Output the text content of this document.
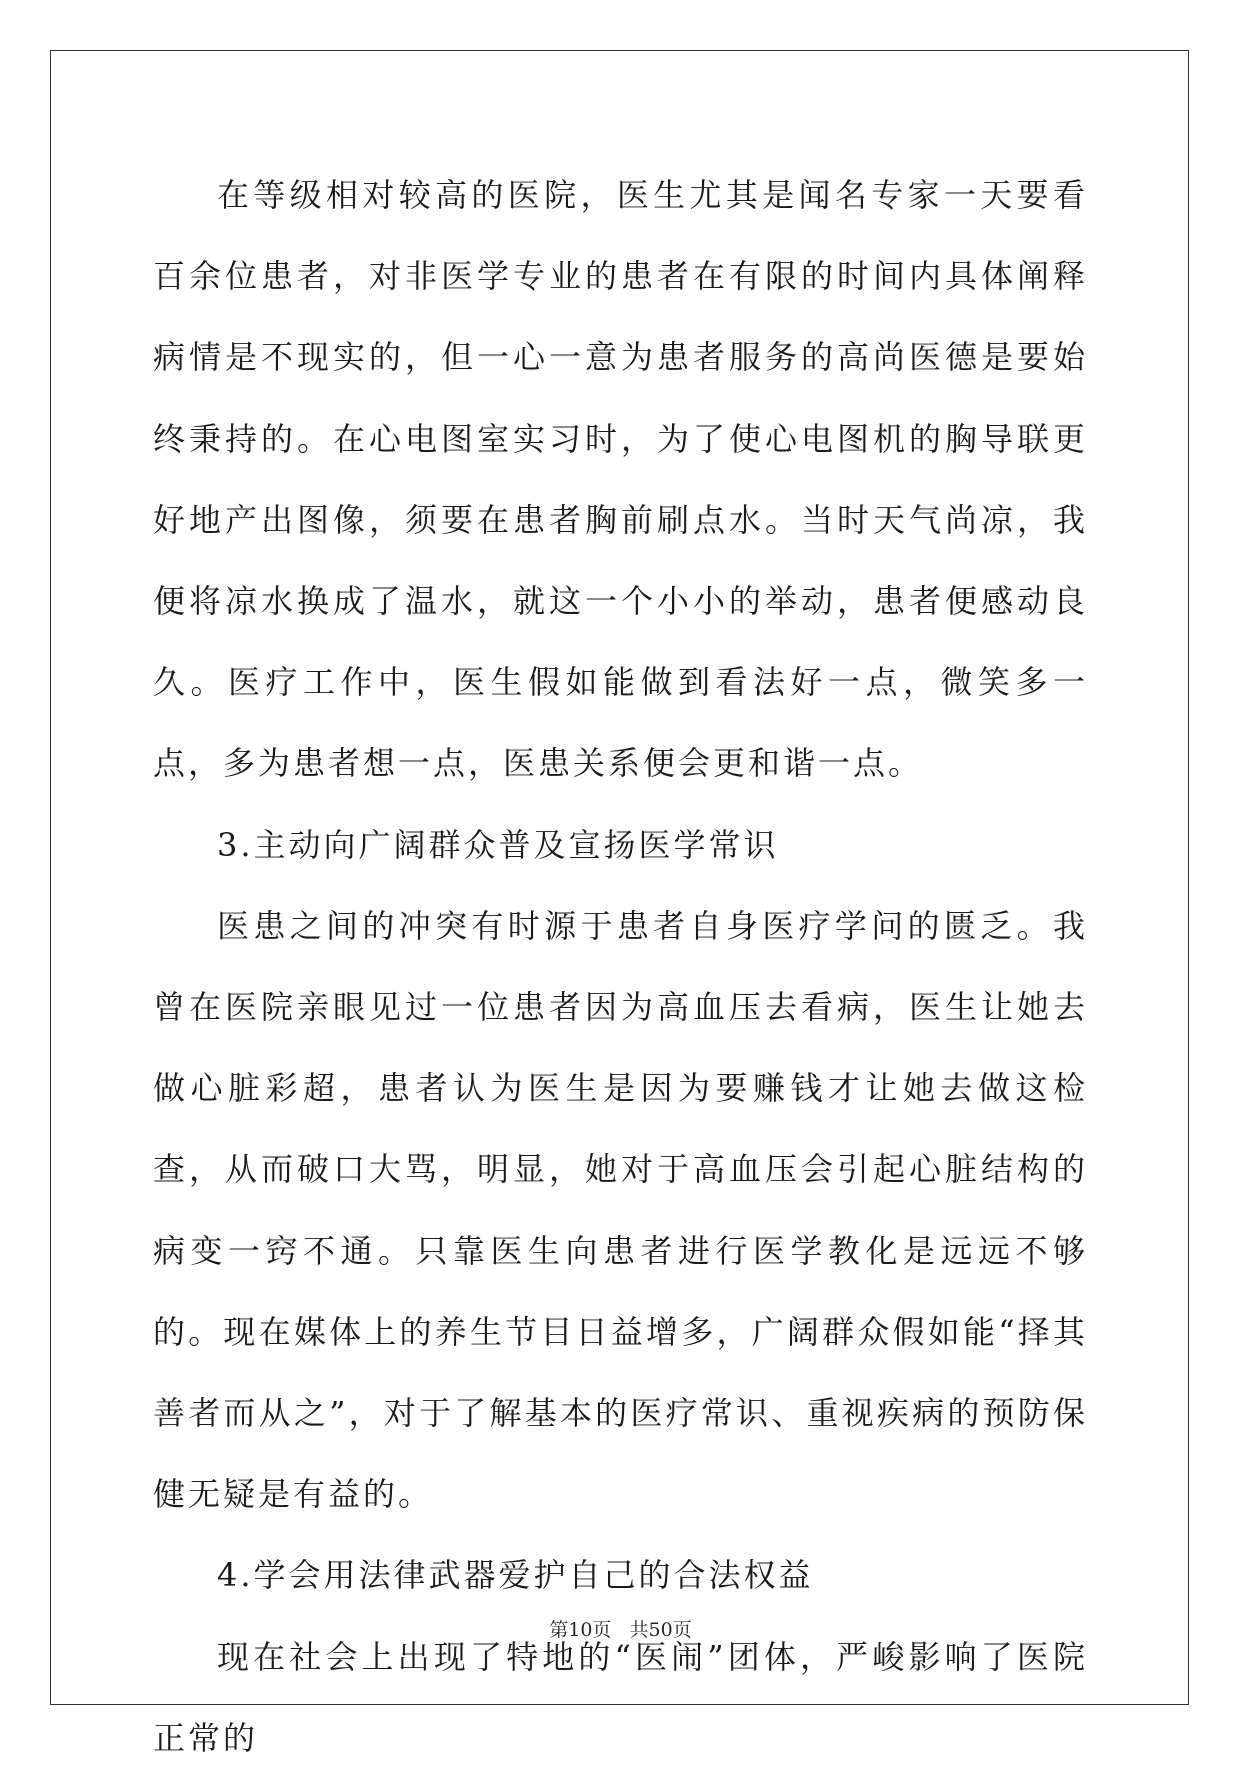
在等级相对较高的医院，医生尤其是闻名专家一天要看百余位患者，对非医学专业的患者在有限的时间内具体阐释病情是不现实的，但一心一意为患者服务的高尚医德是要始终秉持的。在心电图室实习时，为了使心电图机的胸导联更好地产出图像，须要在患者胸前刷点水。当时天气尚凉，我便将凉水换成了温水，就这一个小小的举动，患者便感动良久。医疗工作中，医生假如能做到看法好一点，微笑多一点，多为患者想一点，医患关系便会更和谐一点。

3.主动向广阔群众普及宣扬医学常识

医患之间的冲突有时源于患者自身医疗学问的匮乏。我曾在医院亲眼见过一位患者因为高血压去看病，医生让她去做心脏彩超，患者认为医生是因为要赚钱才让她去做这检查，从而破口大骂，明显，她对于高血压会引起心脏结构的病变一窍不通。只靠医生向患者进行医学教化是远远不够的。现在媒体上的养生节目日益增多，广阔群众假如能“择其善者而从之”，对于了解基本的医疗常识、重视疾病的预防保健无疑是有益的。

4.学会用法律武器爱护自己的合法权益

现在社会上出现了特地的“医闹”团体，严峻影响了医院正常的

第10页   共50页
